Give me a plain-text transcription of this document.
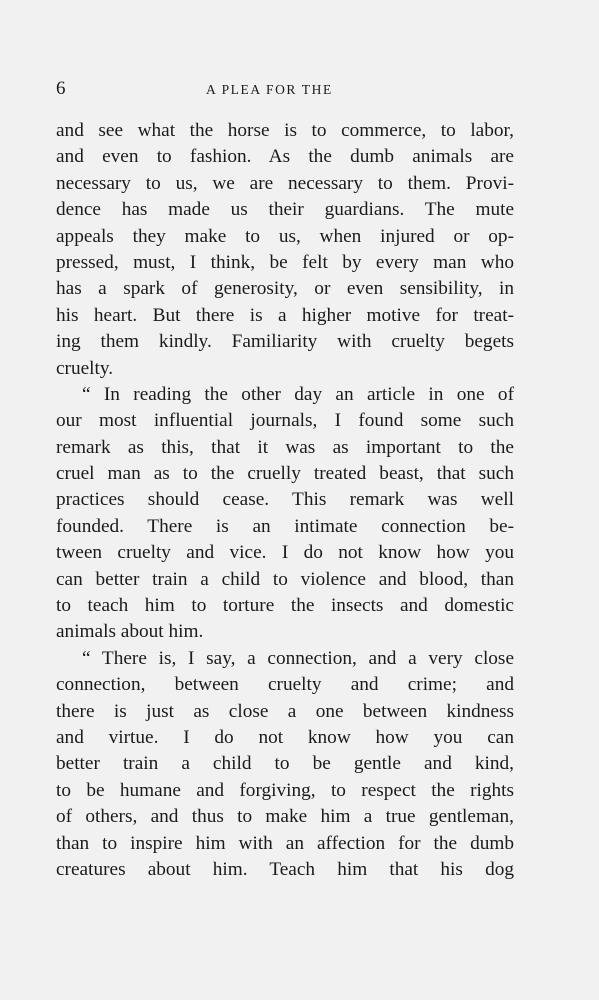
6	A PLEA FOR THE
and see what the horse is to commerce, to labor,
and even to fashion. As the dumb animals are
necessary to us, we are necessary to them. Provi-
dence has made us their guardians. The mute
appeals they make to us, when injured or op-
pressed, must, I think, be felt by every man who
has a spark of generosity, or even sensibility, in
his heart. But there is a higher motive for treat-
ing them kindly. Familiarity with cruelty begets
cruelty.
“ In reading the other day an article in one of
our most influential journals, I found some such
remark as this, that it was as important to the
cruel man as to the cruelly treated beast, that such
practices should cease. This remark was well
founded. There is an intimate connection be-
tween cruelty and vice. I do not know how you
can better train a child to violence and blood, than
to teach him to torture the insects and domestic
animals about him.
“ There is, I say, a connection, and a very close
connection, between cruelty and crime; and
there is just as close a one between kindness
and virtue. I do not know how you can
better train a child to be gentle and kind,
to be humane and forgiving, to respect the rights
of others, and thus to make him a true gentleman,
than to inspire him with an affection for the dumb
creatures about him. Teach him that his dog
